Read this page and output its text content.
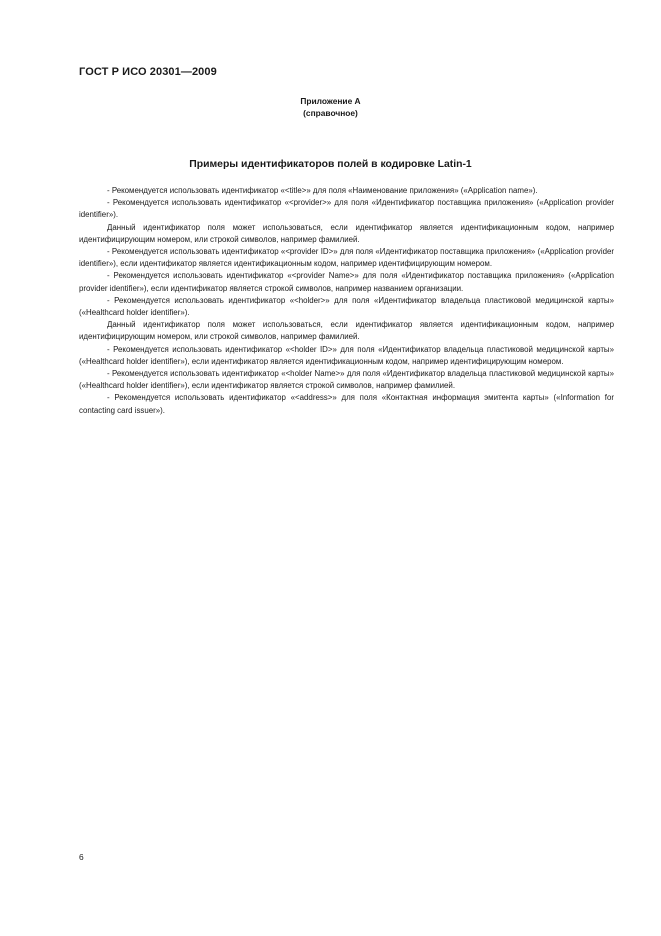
ГОСТ Р ИСО 20301—2009
Приложение А
(справочное)
Примеры идентификаторов полей в кодировке Latin-1

- Рекомендуется использовать идентификатор «<title>» для поля «Наименование приложения» («Application name»).

- Рекомендуется использовать идентификатор «<provider>» для поля «Идентификатор поставщика приложения» («Application provider identifier»).

Данный идентификатор поля может использоваться, если идентификатор является идентификационным кодом, например идентифицирующим номером, или строкой символов, например фамилией.

- Рекомендуется использовать идентификатор «<provider ID>» для поля «Идентификатор поставщика приложения» («Application provider identifier»), если идентификатор является идентификационным кодом, например идентифицирующим номером.

- Рекомендуется использовать идентификатор «<provider Name>» для поля «Идентификатор поставщика приложения» («Application provider identifier»), если идентификатор является строкой символов, например названием организации.

- Рекомендуется использовать идентификатор «<holder>» для поля «Идентификатор владельца пластиковой медицинской карты» («Healthcard holder identifier»).

Данный идентификатор поля может использоваться, если идентификатор является идентификационным кодом, например идентифицирующим номером, или строкой символов, например фамилией.

- Рекомендуется использовать идентификатор «<holder ID>» для поля «Идентификатор владельца пластиковой медицинской карты» («Healthcard holder identifier»), если идентификатор является идентификационным кодом, например идентифицирующим номером.

- Рекомендуется использовать идентификатор «<holder Name>» для поля «Идентификатор владельца пластиковой медицинской карты» («Healthcard holder identifier»), если идентификатор является строкой символов, например фамилией.

- Рекомендуется использовать идентификатор «<address>» для поля «Контактная информация эмитента карты» («Information for contacting card issuer»).

6
